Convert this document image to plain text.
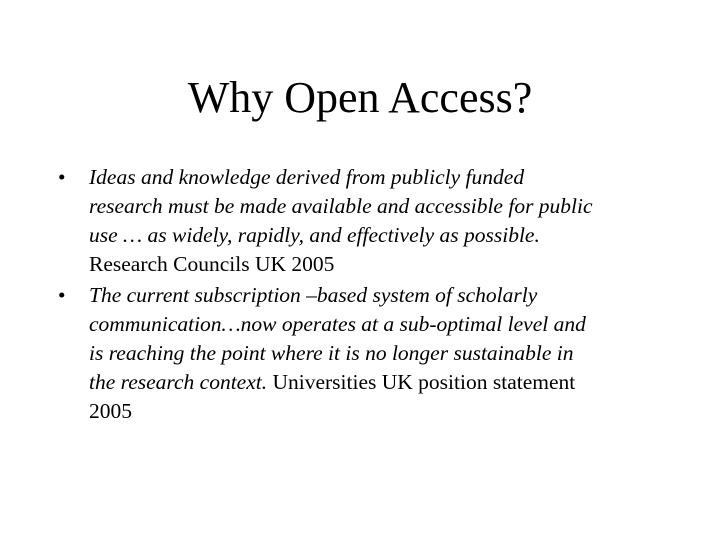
Why Open Access?
•	Ideas and knowledge derived from publicly funded
research must be made available and accessible for public
use … as widely, rapidly, and effectively as possible.
Research Councils UK 2005
•	The current subscription –based system of scholarly
communication…now operates at a sub-optimal level and
is reaching the point where it is no longer sustainable in
the research context. Universities UK position statement
2005
